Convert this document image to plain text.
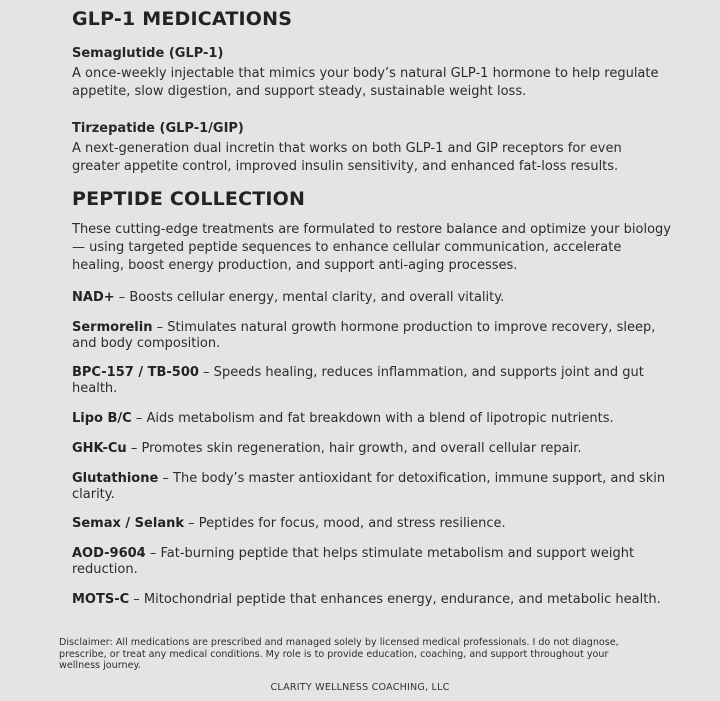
GLP-1 MEDICATIONS
Semaglutide (GLP-1)

A once-weekly injectable that mimics your body’s natural GLP-1 hormone to help regulate appetite, slow digestion, and support steady, sustainable weight loss.

Tirzepatide (GLP-1/GIP)

A next-generation dual incretin that works on both GLP-1 and GIP receptors for even greater appetite control, improved insulin sensitivity, and enhanced fat-loss results.

PEPTIDE COLLECTION

These cutting-edge treatments are formulated to restore balance and optimize your biology — using targeted peptide sequences to enhance cellular communication, accelerate healing, boost energy production, and support anti-aging processes.

NAD+ – Boosts cellular energy, mental clarity, and overall vitality.

Sermorelin – Stimulates natural growth hormone production to improve recovery, sleep, and body composition.

BPC-157 / TB-500 – Speeds healing, reduces inflammation, and supports joint and gut health.

Lipo B/C – Aids metabolism and fat breakdown with a blend of lipotropic nutrients.

GHK-Cu – Promotes skin regeneration, hair growth, and overall cellular repair.

Glutathione – The body’s master antioxidant for detoxification, immune support, and skin clarity.

Semax / Selank – Peptides for focus, mood, and stress resilience.

AOD-9604 – Fat-burning peptide that helps stimulate metabolism and support weight reduction.

MOTS-C – Mitochondrial peptide that enhances energy, endurance, and metabolic health.

Disclaimer: All medications are prescribed and managed solely by licensed medical professionals. I do not diagnose, prescribe, or treat any medical conditions. My role is to provide education, coaching, and support throughout your wellness journey.

CLARITY WELLNESS COACHING, LLC
